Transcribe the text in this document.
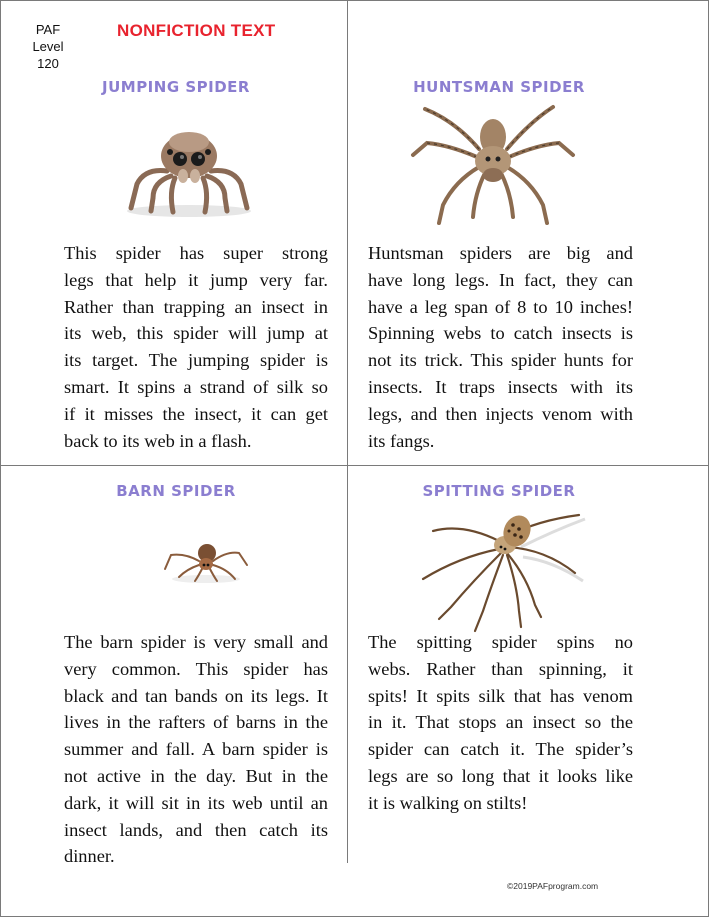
PAF
Level 120
NONFICTION TEXT
JUMPING SPIDER
This spider has super strong
legs that help it jump very far.
Rather than trapping an insect in
its web, this spider will jump at
its target. The jumping spider is
smart. It spins a strand of silk so
if it misses the insect, it can get
back to its web in a flash.
HUNTSMAN SPIDER
Huntsman spiders are big and
have long legs. In fact, they can
have a leg span of 8 to 10 inches!
Spinning webs to catch insects is
not its trick. This spider hunts for
insects. It traps insects with its
legs, and then injects venom with
its fangs.
BARN SPIDER
The barn spider is very small and
very common. This spider has
black and tan bands on its legs. It
lives in the rafters of barns in the
summer and fall. A barn spider is
not active in the day. But in the
dark, it will sit in its web until an
insect lands, and then catch its
dinner.
SPITTING SPIDER
The spitting spider spins no
webs. Rather than spinning, it
spits! It spits silk that has venom
in it. That stops an insect so the
spider can catch it. The spider’s
legs are so long that it looks like
it is walking on stilts!
©2019PAFprogram.com
